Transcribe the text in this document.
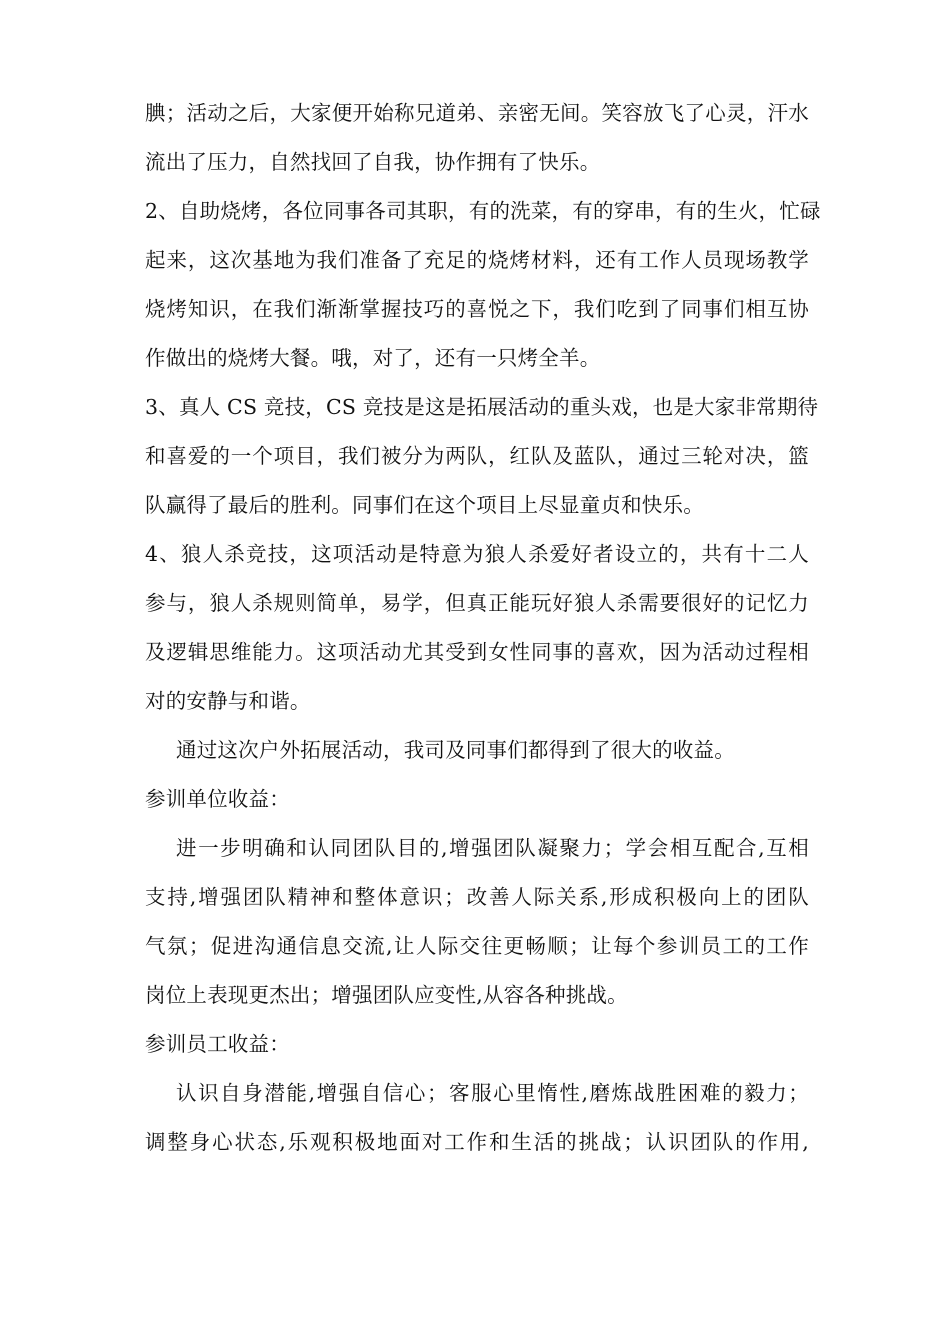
腆；活动之后，大家便开始称兄道弟、亲密无间。笑容放飞了心灵，汗水
流出了压力，自然找回了自我，协作拥有了快乐。
2、自助烧烤，各位同事各司其职，有的洗菜，有的穿串，有的生火，忙碌
起来，这次基地为我们准备了充足的烧烤材料，还有工作人员现场教学
烧烤知识，在我们渐渐掌握技巧的喜悦之下，我们吃到了同事们相互协
作做出的烧烤大餐。哦，对了，还有一只烤全羊。
3、真人 CS 竞技，CS 竞技是这是拓展活动的重头戏，也是大家非常期待
和喜爱的一个项目，我们被分为两队，红队及蓝队，通过三轮对决，篮
队赢得了最后的胜利。同事们在这个项目上尽显童贞和快乐。
4、狼人杀竞技，这项活动是特意为狼人杀爱好者设立的，共有十二人
参与，狼人杀规则简单，易学，但真正能玩好狼人杀需要很好的记忆力
及逻辑思维能力。这项活动尤其受到女性同事的喜欢，因为活动过程相
对的安静与和谐。
通过这次户外拓展活动，我司及同事们都得到了很大的收益。
参训单位收益：
进一步明确和认同团队目的,增强团队凝聚力；学会相互配合,互相
支持,增强团队精神和整体意识；改善人际关系,形成积极向上的团队
气氛；促进沟通信息交流,让人际交往更畅顺；让每个参训员工的工作
岗位上表现更杰出；增强团队应变性,从容各种挑战。
参训员工收益：
认识自身潜能,增强自信心；客服心里惰性,磨炼战胜困难的毅力；
调整身心状态,乐观积极地面对工作和生活的挑战；认识团队的作用,
